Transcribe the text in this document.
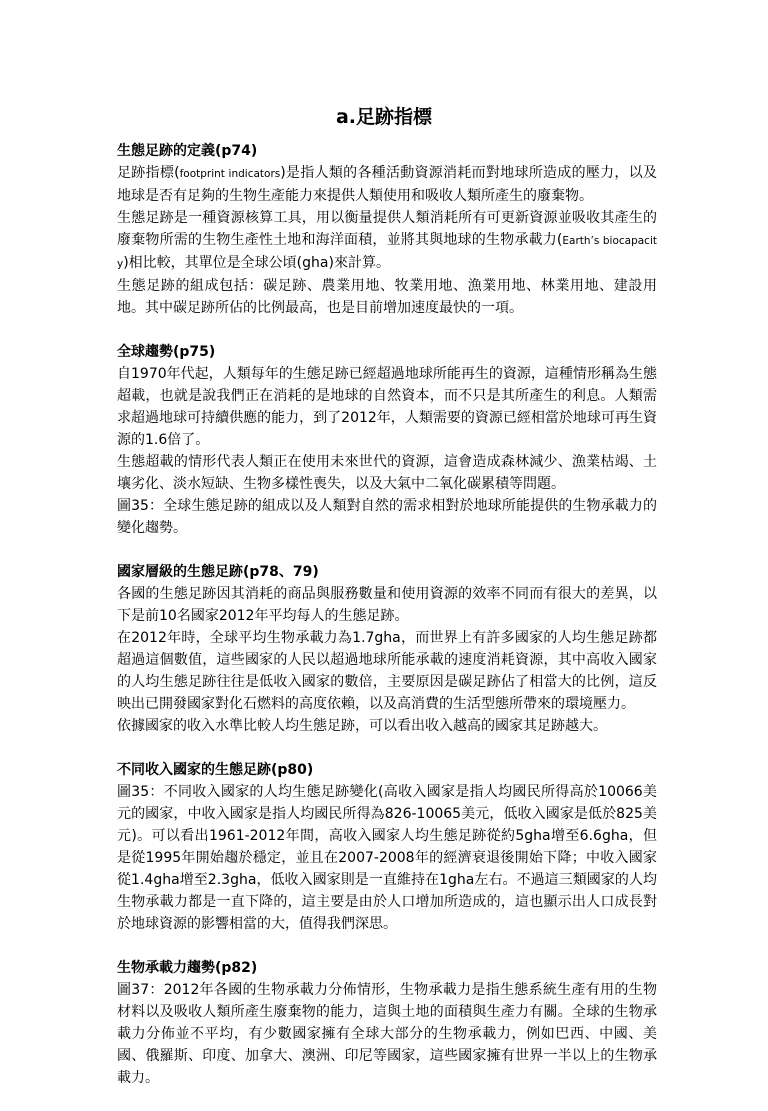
a.足跡指標
生態足跡的定義(p74)

足跡指標(footprint indicators)是指人類的各種活動資源消耗而對地球所造成的壓力，以及地球是否有足夠的生物生產能力來提供人類使用和吸收人類所產生的廢棄物。

生態足跡是一種資源核算工具，用以衡量提供人類消耗所有可更新資源並吸收其產生的廢棄物所需的生物生產性土地和海洋面積，並將其與地球的生物承載力(Earth’s biocapacity)相比較，其單位是全球公頃(gha)來計算。

生態足跡的組成包括：碳足跡、農業用地、牧業用地、漁業用地、林業用地、建設用地。其中碳足跡所佔的比例最高，也是目前增加速度最快的一項。

全球趨勢(p75)

自1970年代起，人類每年的生態足跡已經超過地球所能再生的資源，這種情形稱為生態超載，也就是說我們正在消耗的是地球的自然資本，而不只是其所產生的利息。人類需求超過地球可持續供應的能力，到了2012年，人類需要的資源已經相當於地球可再生資源的1.6倍了。

生態超載的情形代表人類正在使用未來世代的資源，這會造成森林減少、漁業枯竭、土壤劣化、淡水短缺、生物多樣性喪失，以及大氣中二氧化碳累積等問題。

圖35：全球生態足跡的組成以及人類對自然的需求相對於地球所能提供的生物承載力的變化趨勢。

國家層級的生態足跡(p78、79)

各國的生態足跡因其消耗的商品與服務數量和使用資源的效率不同而有很大的差異，以下是前10名國家2012年平均每人的生態足跡。

在2012年時，全球平均生物承載力為1.7gha，而世界上有許多國家的人均生態足跡都超過這個數值，這些國家的人民以超過地球所能承載的速度消耗資源，其中高收入國家的人均生態足跡往往是低收入國家的數倍，主要原因是碳足跡佔了相當大的比例，這反映出已開發國家對化石燃料的高度依賴，以及高消費的生活型態所帶來的環境壓力。

依據國家的收入水準比較人均生態足跡，可以看出收入越高的國家其足跡越大。

不同收入國家的生態足跡(p80)

圖35：不同收入國家的人均生態足跡變化(高收入國家是指人均國民所得高於10066美元的國家，中收入國家是指人均國民所得為826-10065美元，低收入國家是低於825美元)。可以看出1961-2012年間，高收入國家人均生態足跡從約5gha增至6.6gha，但是從1995年開始趨於穩定，並且在2007-2008年的經濟衰退後開始下降；中收入國家從1.4gha增至2.3gha，低收入國家則是一直維持在1gha左右。不過這三類國家的人均生物承載力都是一直下降的，這主要是由於人口增加所造成的，這也顯示出人口成長對於地球資源的影響相當的大，值得我們深思。

生物承載力趨勢(p82)

圖37：2012年各國的生物承載力分佈情形，生物承載力是指生態系統生產有用的生物材料以及吸收人類所產生廢棄物的能力，這與土地的面積與生產力有關。全球的生物承載力分佈並不平均，有少數國家擁有全球大部分的生物承載力，例如巴西、中國、美國、俄羅斯、印度、加拿大、澳洲、印尼等國家，這些國家擁有世界一半以上的生物承載力。
